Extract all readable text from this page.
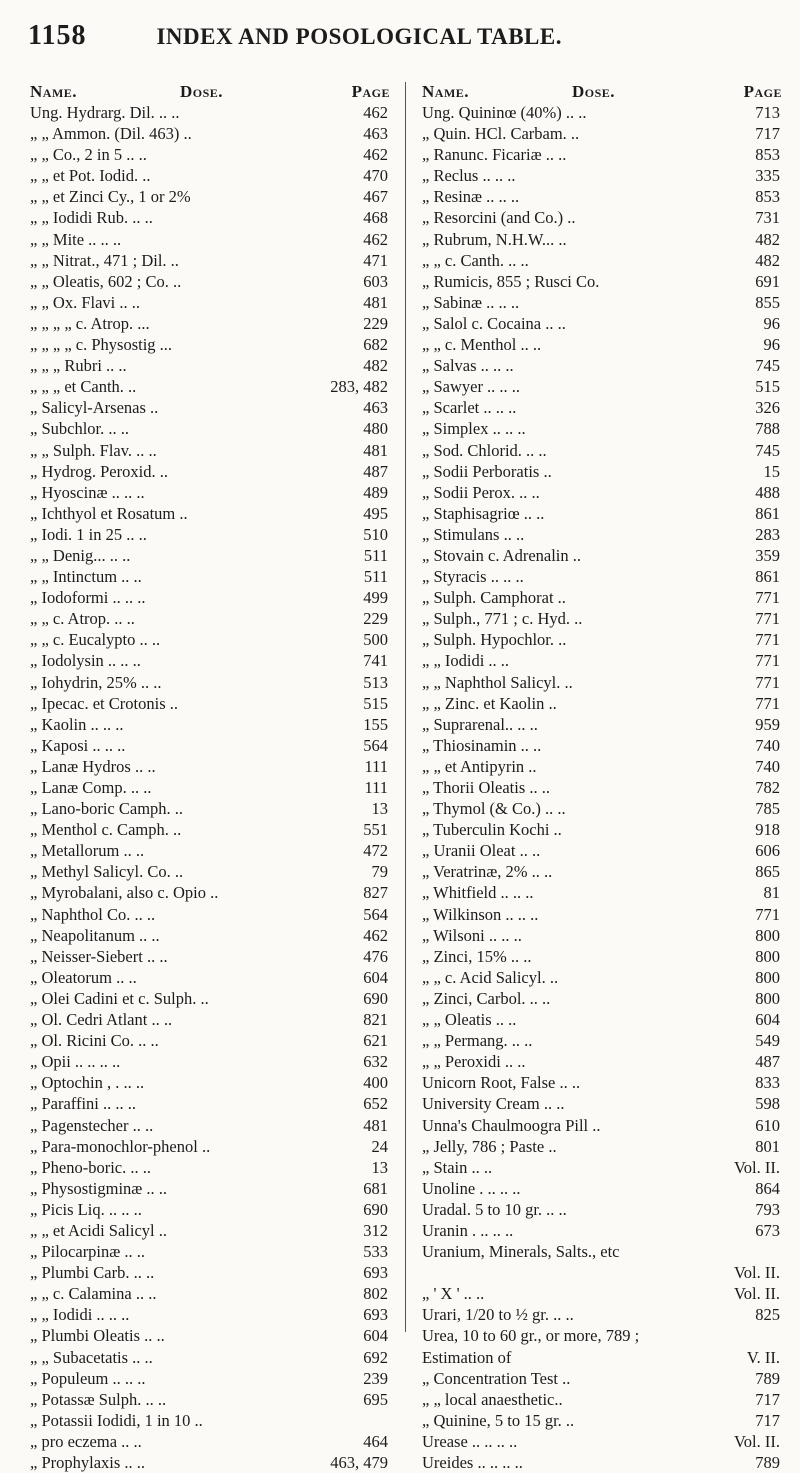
1158	INDEX AND POSOLOGICAL TABLE.
Name.	Dose.	Page
Ung. Hydrarg. Dil. .. ..	462
„ „ Ammon. (Dil. 463) ..	463
„ „ Co., 2 in 5 .. ..	462
„ „ et Pot. Iodid. ..	470
„ „ et Zinci Cy., 1 or 2%	467
„ „ Iodidi Rub. .. ..	468
„ „ Mite .. .. ..	462
„ „ Nitrat., 471 ; Dil. ..	471
„ „ Oleatis, 602 ; Co. ..	603
„ „ Ox. Flavi .. ..	481
„ „ „ „ c. Atrop. ...	229
„ „ „ „ c. Physostig ...	682
„ „ „ Rubri .. ..	482
„ „ „ et Canth. ..	283, 482
„ Salicyl-Arsenas ..	463
„ Subchlor. .. ..	480
„ „ Sulph. Flav. .. ..	481
„ Hydrog. Peroxid. ..	487
„ Hyoscinæ .. .. ..	489
„ Ichthyol et Rosatum ..	495
„ Iodi. 1 in 25 .. ..	510
„ „ Denig... .. ..	511
„ „ Intinctum .. ..	511
„ Iodoformi .. .. ..	499
„ „ c. Atrop. .. ..	229
„ „ c. Eucalypto .. ..	500
„ Iodolysin .. .. ..	741
„ Iohydrin, 25% .. ..	513
„ Ipecac. et Crotonis ..	515
„ Kaolin .. .. ..	155
„ Kaposi .. .. ..	564
„ Lanæ Hydros .. ..	111
„ Lanæ Comp. .. ..	111
„ Lano-boric Camph. ..	13
„ Menthol c. Camph. ..	551
„ Metallorum .. ..	472
„ Methyl Salicyl. Co. ..	79
„ Myrobalani, also c. Opio ..	827
„ Naphthol Co. .. ..	564
„ Neapolitanum .. ..	462
„ Neisser-Siebert .. ..	476
„ Oleatorum .. ..	604
„ Olei Cadini et c. Sulph. ..	690
„ Ol. Cedri Atlant .. ..	821
„ Ol. Ricini Co. .. ..	621
„ Opii .. .. .. ..	632
„ Optochin , . .. ..	400
„ Paraffini .. .. ..	652
„ Pagenstecher .. ..	481
„ Para-monochlor-phenol ..	24
„ Pheno-boric. .. ..	13
„ Physostigminæ .. ..	681
„ Picis Liq. .. .. ..	690
„ „ et Acidi Salicyl ..	312
„ Pilocarpinæ .. ..	533
„ Plumbi Carb. .. ..	693
„ „ c. Calamina .. ..	802
„ „ Iodidi .. .. ..	693
„ Plumbi Oleatis .. ..	604
„ „ Subacetatis .. ..	692
„ Populeum .. .. ..	239
„ Potassæ Sulph. .. ..	695
„ Potassii Iodidi, 1 in 10 ..
„ pro eczema .. ..	464
„ Prophylaxis .. ..	463, 479
Name.	Dose.	Page
Ung. Quininœ (40%) .. ..	713
„ Quin. HCl. Carbam. ..	717
„ Ranunc. Ficariæ .. ..	853
„ Reclus .. .. ..	335
„ Resinæ .. .. ..	853
„ Resorcini (and Co.) ..	731
„ Rubrum, N.H.W... ..	482
„ „ c. Canth. .. ..	482
„ Rumicis, 855 ; Rusci Co.	691
„ Sabinæ .. .. ..	855
„ Salol c. Cocaina .. ..	96
„ „ c. Menthol .. ..	96
„ Salvas .. .. ..	745
„ Sawyer .. .. ..	515
„ Scarlet .. .. ..	326
„ Simplex .. .. ..	788
„ Sod. Chlorid. .. ..	745
„ Sodii Perboratis ..	15
„ Sodii Perox. .. ..	488
„ Staphisagriœ .. ..	861
„ Stimulans .. ..	283
„ Stovain c. Adrenalin ..	359
„ Styracis .. .. ..	861
„ Sulph. Camphorat ..	771
„ Sulph., 771 ; c. Hyd. ..	771
„ Sulph. Hypochlor. ..	771
„ „ Iodidi .. ..	771
„ „ Naphthol Salicyl. ..	771
„ „ Zinc. et Kaolin ..	771
„ Suprarenal.. .. ..	959
„ Thiosinamin .. ..	740
„ „ et Antipyrin ..	740
„ Thorii Oleatis .. ..	782
„ Thymol (& Co.) .. ..	785
„ Tuberculin Kochi ..	918
„ Uranii Oleat .. ..	606
„ Veratrinæ, 2% .. ..	865
„ Whitfield .. .. ..	81
„ Wilkinson .. .. ..	771
„ Wilsoni .. .. ..	800
„ Zinci, 15% .. ..	800
„ „ c. Acid Salicyl. ..	800
„ Zinci, Carbol. .. ..	800
„ „ Oleatis .. ..	604
„ „ Permang. .. ..	549
„ „ Peroxidi .. ..	487
Unicorn Root, False .. ..	833
University Cream .. ..	598
Unna's Chaulmoogra Pill ..	610
„ Jelly, 786 ; Paste ..	801
„ Stain .. ..	Vol. II.
Unoline . .. .. ..	864
Uradal. 5 to 10 gr. .. ..	793
Uranin . .. .. ..	673
Uranium, Minerals, Salts., etc
Vol. II.
„ ' X ' .. ..	Vol. II.
Urari, 1/20 to ½ gr. .. ..	825
Urea, 10 to 60 gr., or more, 789 ;
Estimation of	V. II.
„ Concentration Test ..	789
„ „ local anaesthetic..	717
„ Quinine, 5 to 15 gr. ..	717
Urease .. .. .. ..	Vol. II.
Ureides .. .. .. ..	789
